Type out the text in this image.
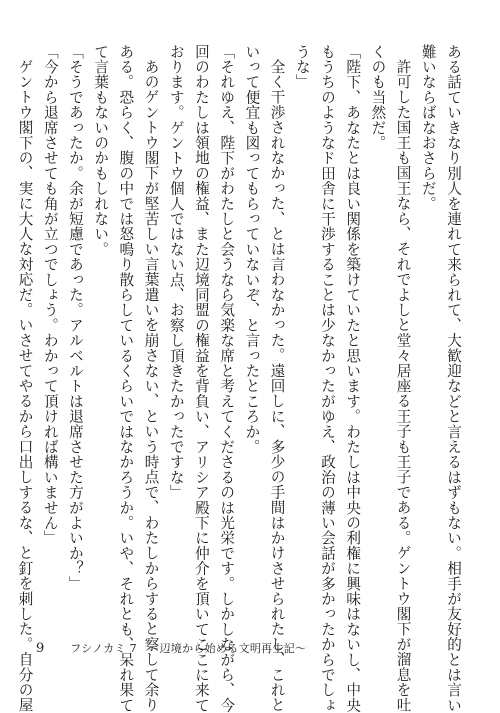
ある話ていきなり別人を連れて来られて、大歓迎などと言えるはずもない。相手が友好的とは言い
難いならばなおさらだ。
許可した国王も国王なら、それでよしと堂々居座る王子も王子である。ゲントウ閣下が溜息を吐
くのも当然だ。
「陛下、あなたとは良い関係を築けていたと思います。わたしは中央の利権に興味はないし、中央
もうちのようなド田舎に干渉することは少なかったがゆえ、政治の薄い会話が多かったからでしょ
うな」
全く干渉されなかった、とは言わなかった。遠回しに、多少の手間はかけさせられたし、これと
いって便宜も図ってもらっていないぞ、と言ったところか。
「それゆえ、陛下がわたしと会うなら気楽な席と考えてくださるのは光栄です。しかしながら、今
回のわたしは領地の権益、また辺境同盟の権益を背負い、アリシア殿下に仲介を頂いてここに来て
おります。ゲントウ個人ではない点、お察し頂きたかったですな」
あのゲントウ閣下が堅苦しい言葉遣いを崩さない、という時点で、わたしからすると察して余り
ある。恐らく、腹の中では怒鳴り散らしているくらいではなかろうか。いや、それとも、呆れ果て
て言葉もないのかもしれない。
「そうであったか。余が短慮であった。アルベルトは退席させた方がよいか？」
「今から退席させても角が立つでしょう。わかって頂ければ構いません」
ゲントウ閣下の、実に大人な対応だ。いさせてやるから口出しするな、と釘を刺した。自分の屋 9 フシノカミ 7　～辺境から始める文明再生記～
